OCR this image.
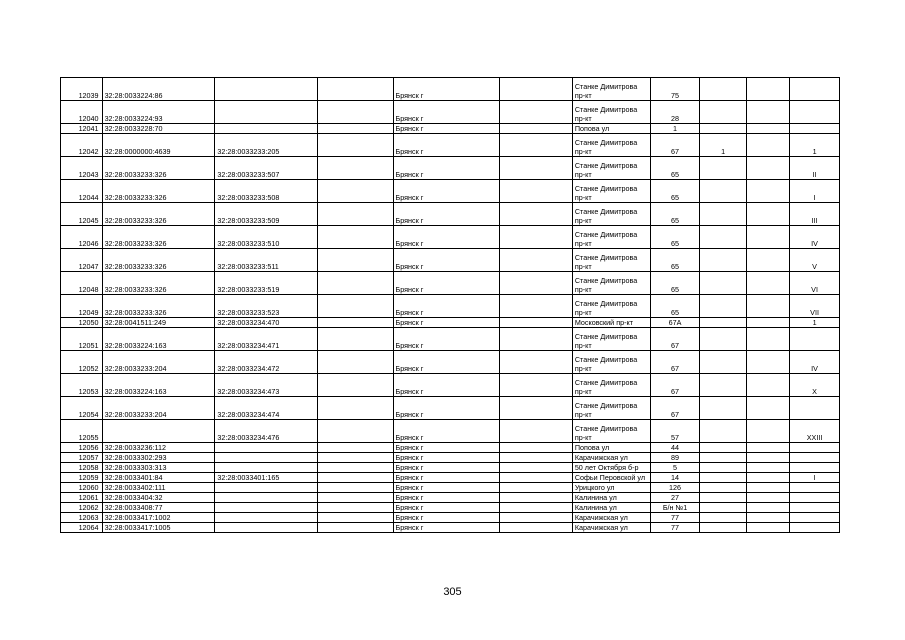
12039	32:28:0033224:86			Брянск г		Станке Димитрова пр-кт	75			
12040	32:28:0033224:93			Брянск г		Станке Димитрова пр-кт	28			
12041	32:28:0033228:70			Брянск г		Попова ул	1			
12042	32:28:0000000:4639	32:28:0033233:205		Брянск г		Станке Димитрова пр-кт	67	1		1
12043	32:28:0033233:326	32:28:0033233:507		Брянск г		Станке Димитрова пр-кт	65			II
12044	32:28:0033233:326	32:28:0033233:508		Брянск г		Станке Димитрова пр-кт	65			I
12045	32:28:0033233:326	32:28:0033233:509		Брянск г		Станке Димитрова пр-кт	65			III
12046	32:28:0033233:326	32:28:0033233:510		Брянск г		Станке Димитрова пр-кт	65			IV
12047	32:28:0033233:326	32:28:0033233:511		Брянск г		Станке Димитрова пр-кт	65			V
12048	32:28:0033233:326	32:28:0033233:519		Брянск г		Станке Димитрова пр-кт	65			VI
12049	32:28:0033233:326	32:28:0033233:523		Брянск г		Станке Димитрова пр-кт	65			VII
12050	32:28:0041511:249	32:28:0033234:470		Брянск г		Московский пр-кт	67А			1
12051	32:28:0033224:163	32:28:0033234:471		Брянск г		Станке Димитрова пр-кт	67			
12052	32:28:0033233:204	32:28:0033234:472		Брянск г		Станке Димитрова пр-кт	67			IV
12053	32:28:0033224:163	32:28:0033234:473		Брянск г		Станке Димитрова пр-кт	67			X
12054	32:28:0033233:204	32:28:0033234:474		Брянск г		Станке Димитрова пр-кт	67			
12055		32:28:0033234:476		Брянск г		Станке Димитрова пр-кт	57			XXIII
12056	32:28:0033236:112			Брянск г		Попова ул	44			
12057	32:28:0033302:293			Брянск г		Карачижская ул	89			
12058	32:28:0033303:313			Брянск г		50 лет Октября б-р	5			
12059	32:28:0033401:84	32:28:0033401:165		Брянск г		Софьи Перовской ул	14			I
12060	32:28:0033402:111			Брянск г		Урицкого ул	126			
12061	32:28:0033404:32			Брянск г		Калинина ул	27			
12062	32:28:0033408:77			Брянск г		Калинина ул	Б/н №1			
12063	32:28:0033417:1002			Брянск г		Карачижская ул	77			
12064	32:28:0033417:1005			Брянск г		Карачижская ул	77			
305
